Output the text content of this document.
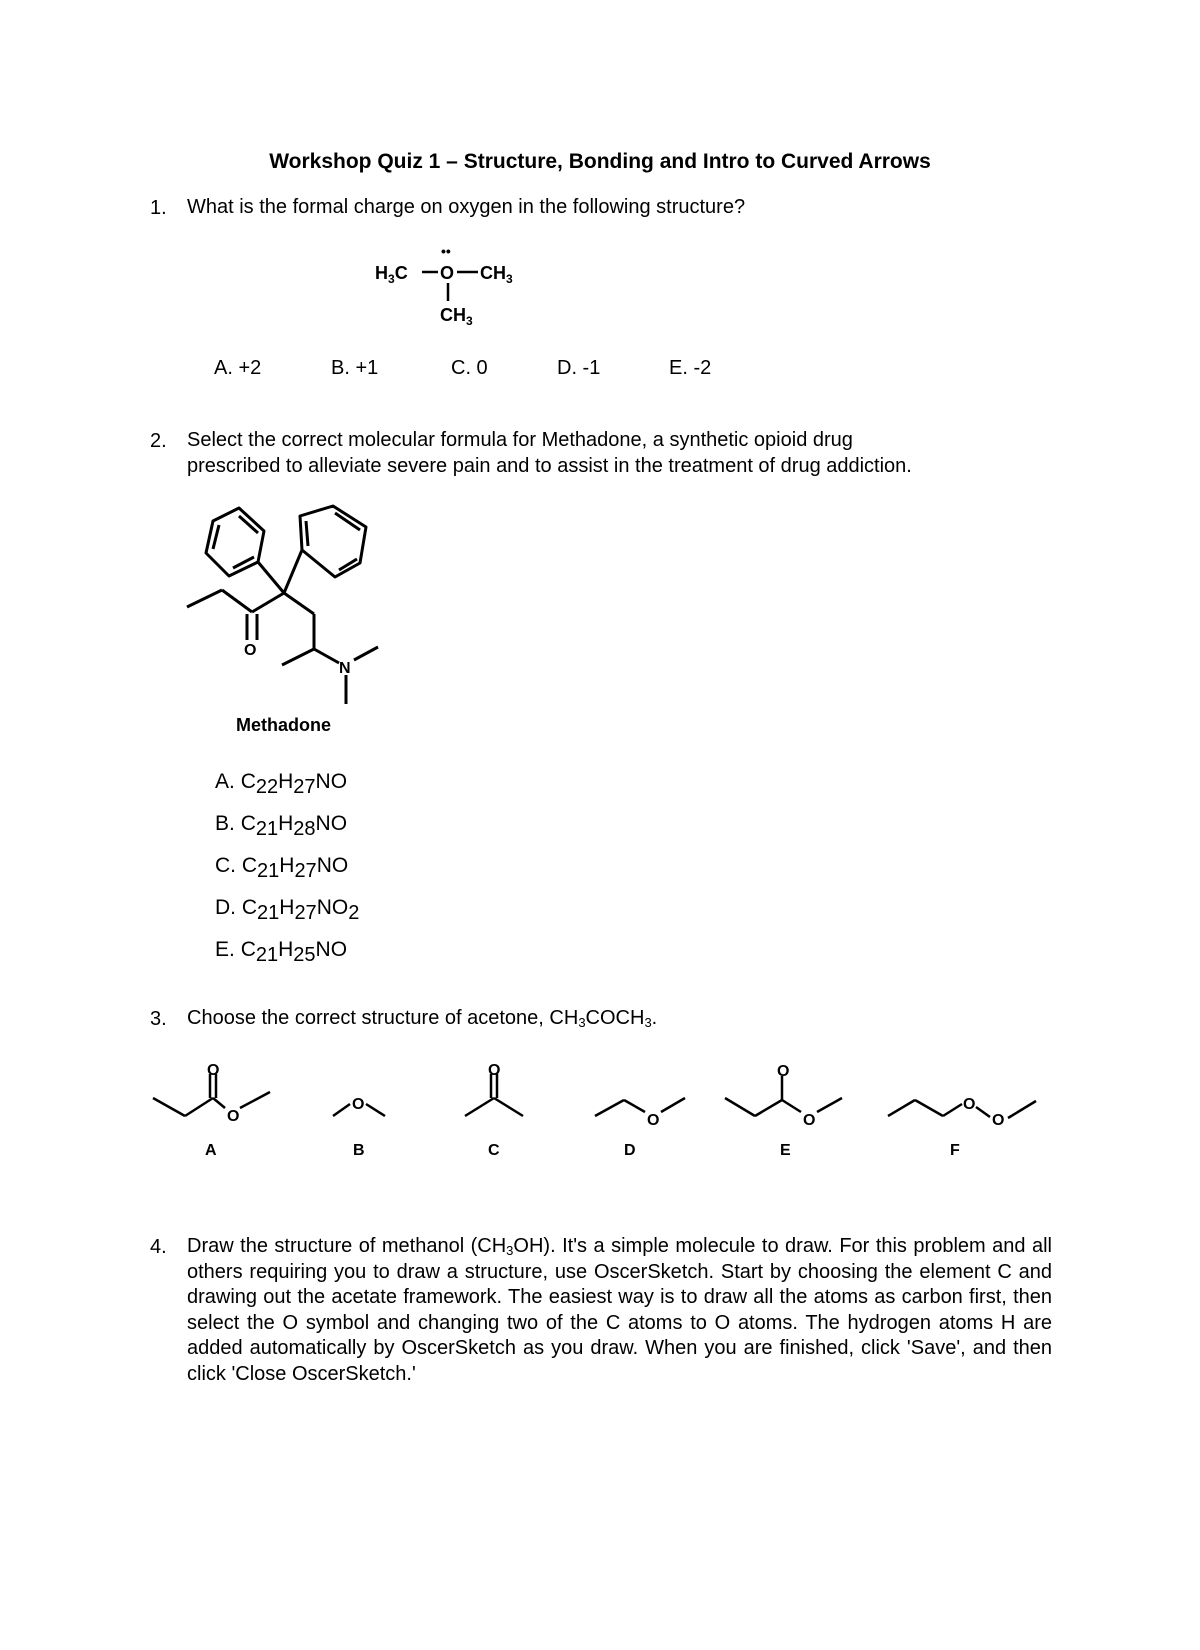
Workshop Quiz 1 – Structure, Bonding and Intro to Curved Arrows
1. What is the formal charge on oxygen in the following structure?
$H_3C$ O
••
$CH_3$
$CH_3$
A. +2	B. +1	C. 0	D. -1	E. -2
2. Select the correct molecular formula for Methadone, a synthetic opioid drug
prescribed to alleviate severe pain and to assist in the treatment of drug addiction.
O
N
Methadone
A. $C_{22}H_{27}NO$
B. $C_{21}H_{28}NO$
C. $C_{21}H_{27}NO$
D. $C_{21}H_{27}NO_2$
E. $C_{21}H_{25}NO$
3. Choose the correct structure of acetone, $CH_3COCH_3$.
O
O
O
O
O
O
O
O
O
A	B	C	D	E	F
4. Draw the structure of methanol $(CH_3OH)$. It's a simple molecule to draw. For this problem and all others requiring you to draw a structure, use OscerSketch. Start by choosing the element C and drawing out the acetate framework. The easiest way is to draw all the atoms as carbon first, then select the O symbol and changing two of the C atoms to O atoms. The hydrogen atoms H are added automatically by OscerSketch as you draw. When you are finished, click 'Save', and then click 'Close OscerSketch.'
